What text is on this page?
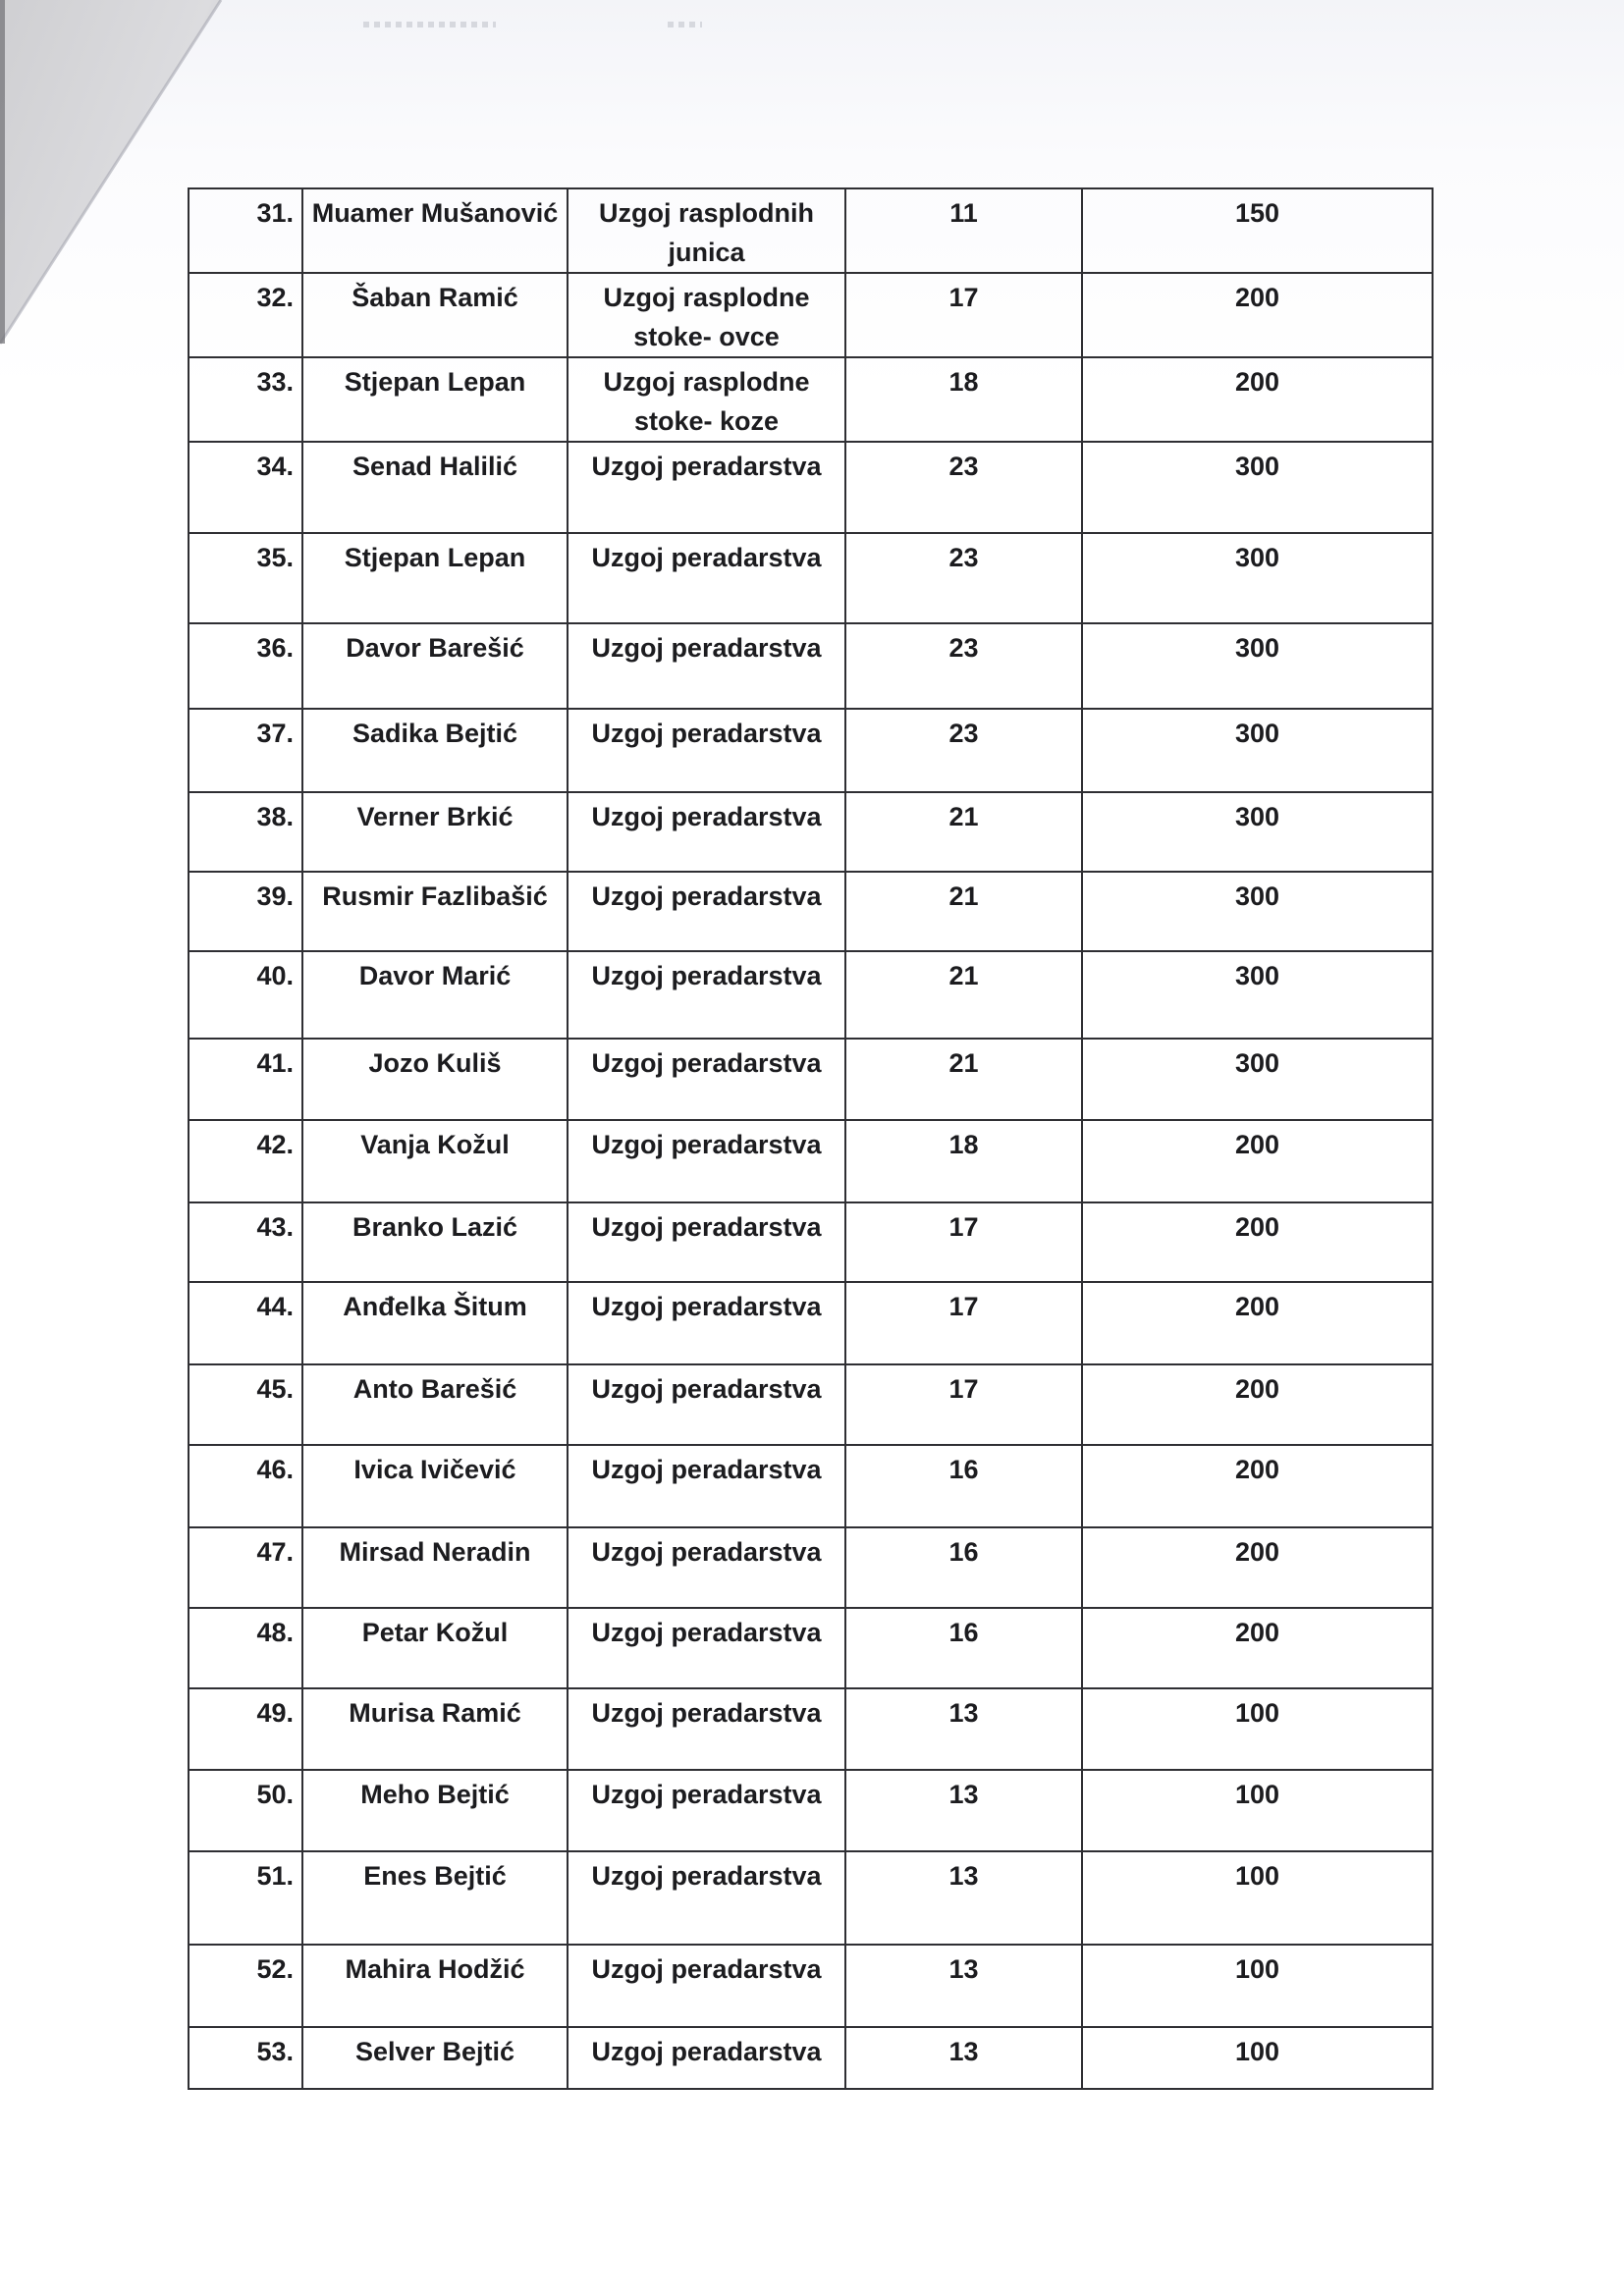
31.	Muamer Mušanović	Uzgoj rasplodnih junica	11	150
32.	Šaban Ramić	Uzgoj rasplodne stoke- ovce	17	200
33.	Stjepan Lepan	Uzgoj rasplodne stoke- koze	18	200
34.	Senad Halilić	Uzgoj peradarstva	23	300
35.	Stjepan Lepan	Uzgoj peradarstva	23	300
36.	Davor Barešić	Uzgoj peradarstva	23	300
37.	Sadika Bejtić	Uzgoj peradarstva	23	300
38.	Verner Brkić	Uzgoj peradarstva	21	300
39.	Rusmir Fazlibašić	Uzgoj peradarstva	21	300
40.	Davor Marić	Uzgoj peradarstva	21	300
41.	Jozo Kuliš	Uzgoj peradarstva	21	300
42.	Vanja Kožul	Uzgoj peradarstva	18	200
43.	Branko Lazić	Uzgoj peradarstva	17	200
44.	Anđelka Šitum	Uzgoj peradarstva	17	200
45.	Anto Barešić	Uzgoj peradarstva	17	200
46.	Ivica Ivičević	Uzgoj peradarstva	16	200
47.	Mirsad Neradin	Uzgoj peradarstva	16	200
48.	Petar Kožul	Uzgoj peradarstva	16	200
49.	Murisa Ramić	Uzgoj peradarstva	13	100
50.	Meho Bejtić	Uzgoj peradarstva	13	100
51.	Enes Bejtić	Uzgoj peradarstva	13	100
52.	Mahira Hodžić	Uzgoj peradarstva	13	100
53.	Selver Bejtić	Uzgoj peradarstva	13	100
